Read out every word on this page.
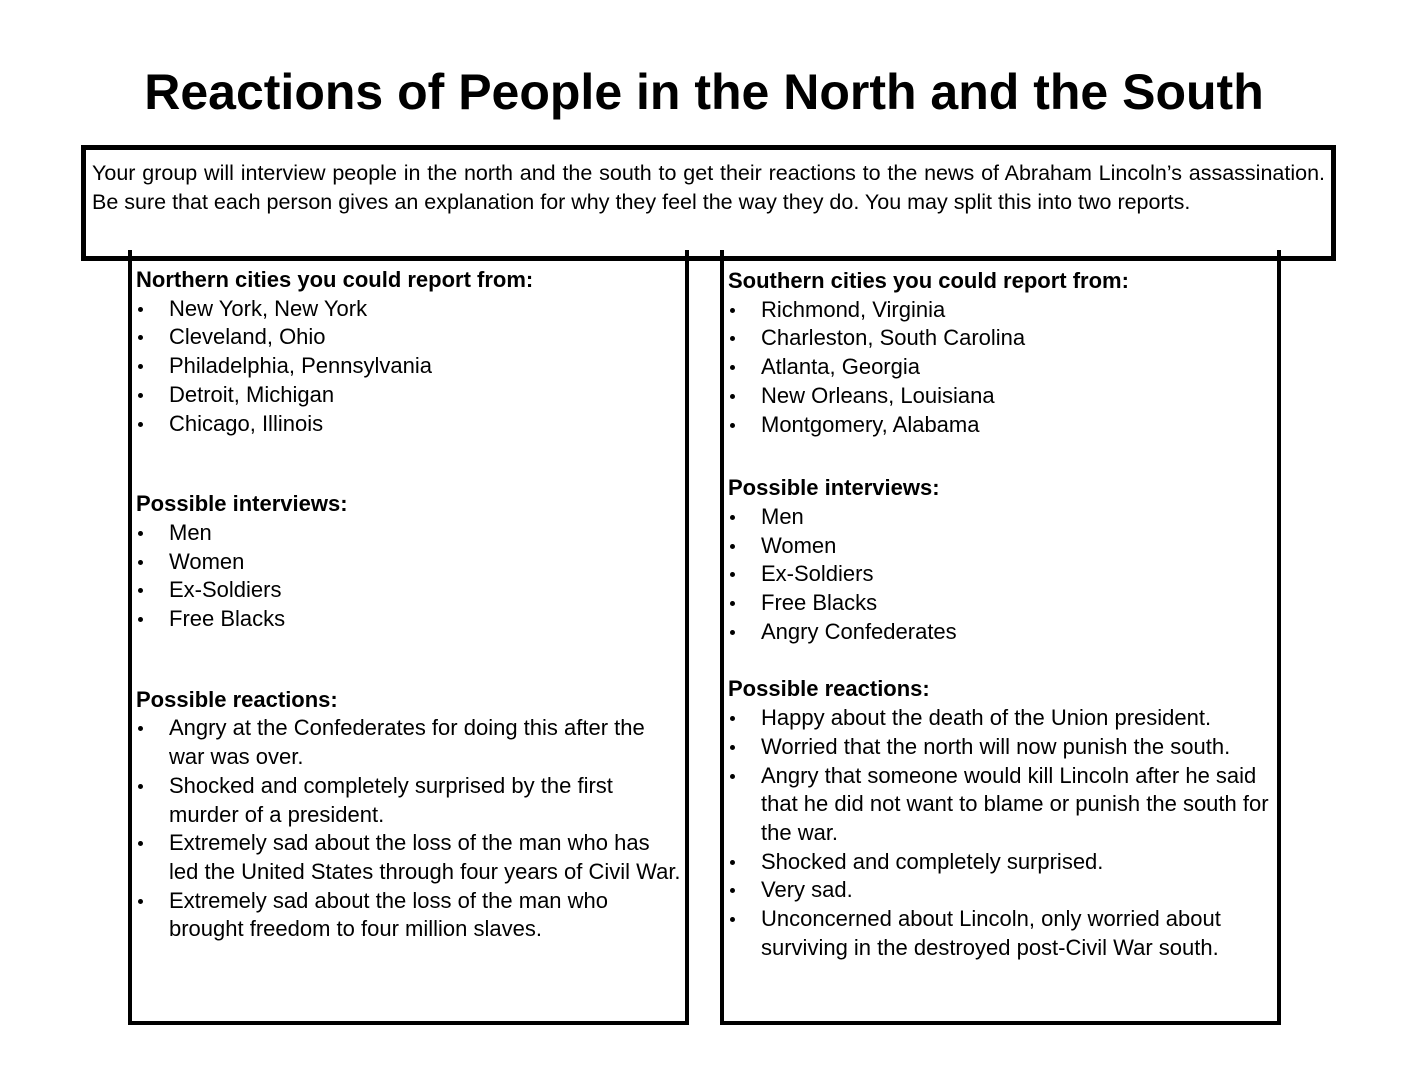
Reactions of People in the North and the South
Your group will interview people in the north and the south to get their reactions to the news of Abraham Lincoln’s assassination. Be sure that each person gives an explanation for why they feel the way they do. You may split this into two reports.
Northern cities you could report from:
New York, New York
Cleveland, Ohio
Philadelphia, Pennsylvania
Detroit, Michigan
Chicago, Illinois
Possible interviews:
Men
Women
Ex-Soldiers
Free Blacks
Possible reactions:
Angry at the Confederates for doing this after the war was over.
Shocked and completely surprised by the first murder of a president.
Extremely sad about the loss of the man who has led the United States through four years of Civil War.
Extremely sad about the loss of the man who brought freedom to four million slaves.
Southern cities you could report from:
Richmond, Virginia
Charleston, South Carolina
Atlanta, Georgia
New Orleans, Louisiana
Montgomery, Alabama
Possible interviews:
Men
Women
Ex-Soldiers
Free Blacks
Angry Confederates
Possible reactions:
Happy about the death of the Union president.
Worried that the north will now punish the south.
Angry that someone would kill Lincoln after he said that he did not want to blame or punish the south for the war.
Shocked and completely surprised.
Very sad.
Unconcerned about Lincoln, only worried about surviving in the destroyed post-Civil War south.
